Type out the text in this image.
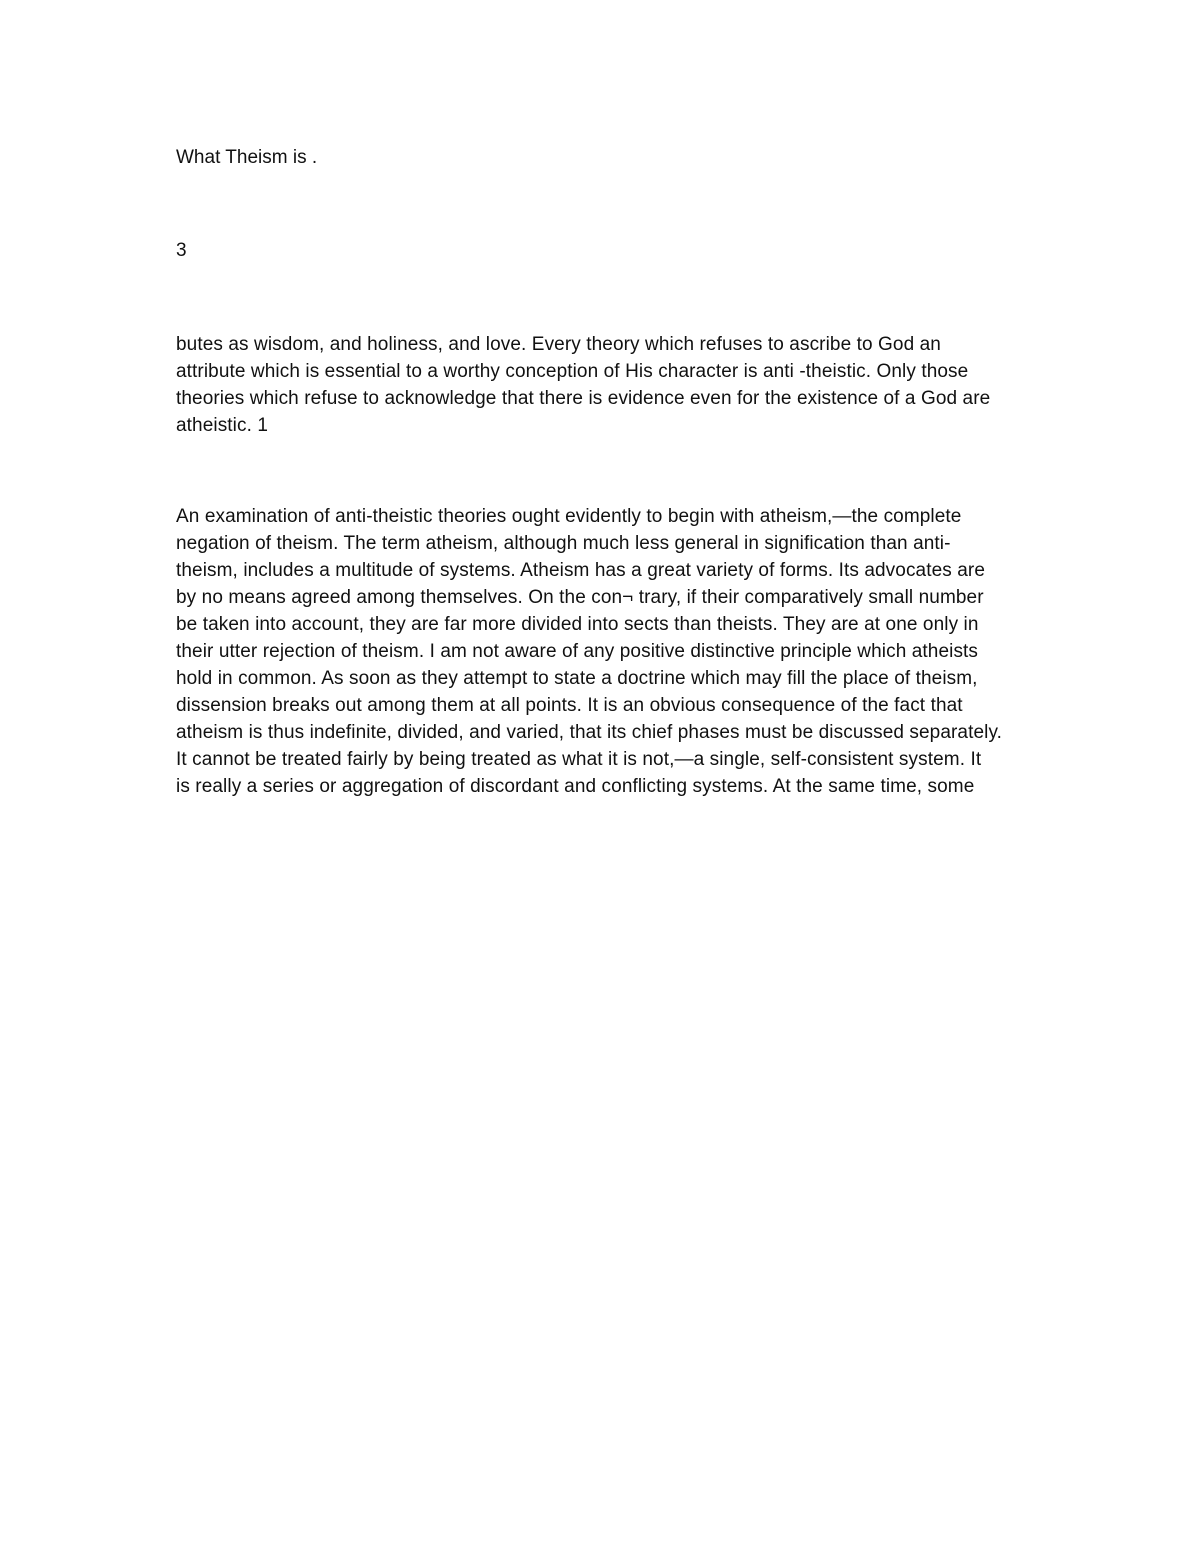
What Theism is .
3
butes as wisdom, and holiness, and love. Every theory which refuses to ascribe to God an
attribute which is essential to a worthy conception of His character is anti -theistic. Only those
theories which refuse to acknowledge that there is evidence even for the existence of a God are
atheistic. 1
An examination of anti-theistic theories ought evidently to begin with atheism,—the complete
negation of theism. The term atheism, although much less general in signification than anti-
theism, includes a multitude of systems. Atheism has a great variety of forms. Its advocates are
by no means agreed among themselves. On the con¬ trary, if their comparatively small number
be taken into account, they are far more divided into sects than theists. They are at one only in
their utter rejection of theism. I am not aware of any positive distinctive principle which atheists
hold in common. As soon as they attempt to state a doctrine which may fill the place of theism,
dissension breaks out among them at all points. It is an obvious consequence of the fact that
atheism is thus indefinite, divided, and varied, that its chief phases must be discussed separately.
It cannot be treated fairly by being treated as what it is not,—a single, self-consistent system. It
is really a series or aggregation of discordant and conflicting systems. At the same time, some
